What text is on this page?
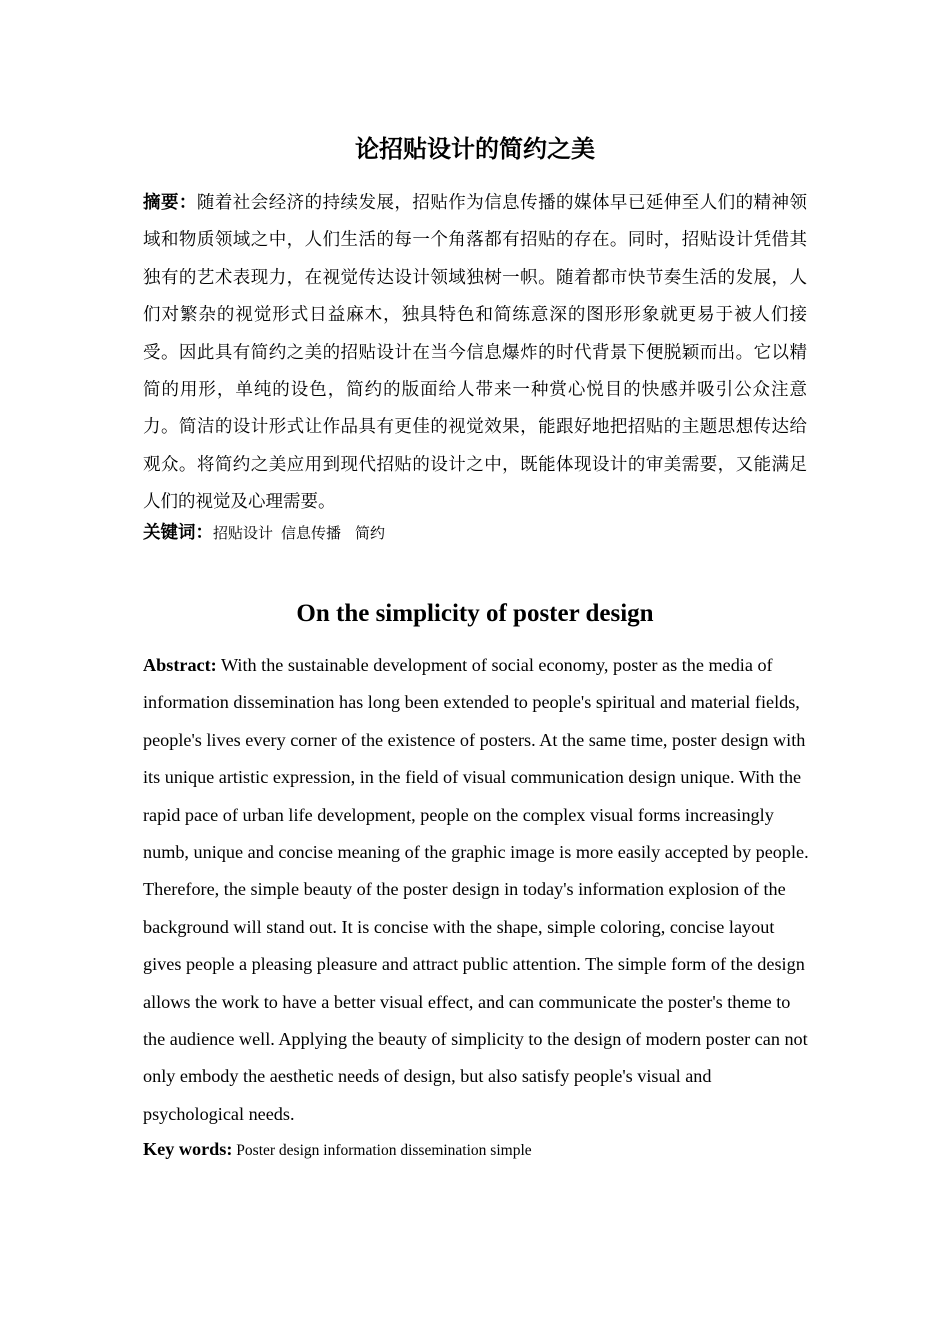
论招贴设计的简约之美
摘要：随着社会经济的持续发展，招贴作为信息传播的媒体早已延伸至人们的精神领域和物质领域之中，人们生活的每一个角落都有招贴的存在。同时，招贴设计凭借其独有的艺术表现力，在视觉传达设计领域独树一帜。随着都市快节奏生活的发展，人们对繁杂的视觉形式日益麻木，独具特色和简练意深的图形形象就更易于被人们接受。因此具有简约之美的招贴设计在当今信息爆炸的时代背景下便脱颖而出。它以精简的用形，单纯的设色，简约的版面给人带来一种赏心悦目的快感并吸引公众注意力。简洁的设计形式让作品具有更佳的视觉效果，能跟好地把招贴的主题思想传达给观众。将简约之美应用到现代招贴的设计之中，既能体现设计的审美需要，又能满足人们的视觉及心理需要。
关键词：招贴设计 信息传播 简约
On the simplicity of poster design
Abstract: With the sustainable development of social economy, poster as the media of information dissemination has long been extended to people's spiritual and material fields, people's lives every corner of the existence of posters. At the same time, poster design with its unique artistic expression, in the field of visual communication design unique. With the rapid pace of urban life development, people on the complex visual forms increasingly numb, unique and concise meaning of the graphic image is more easily accepted by people. Therefore, the simple beauty of the poster design in today's information explosion of the background will stand out. It is concise with the shape, simple coloring, concise layout gives people a pleasing pleasure and attract public attention. The simple form of the design allows the work to have a better visual effect, and can communicate the poster's theme to the audience well. Applying the beauty of simplicity to the design of modern poster can not only embody the aesthetic needs of design, but also satisfy people's visual and psychological needs.
Key words: Poster design information dissemination simple
